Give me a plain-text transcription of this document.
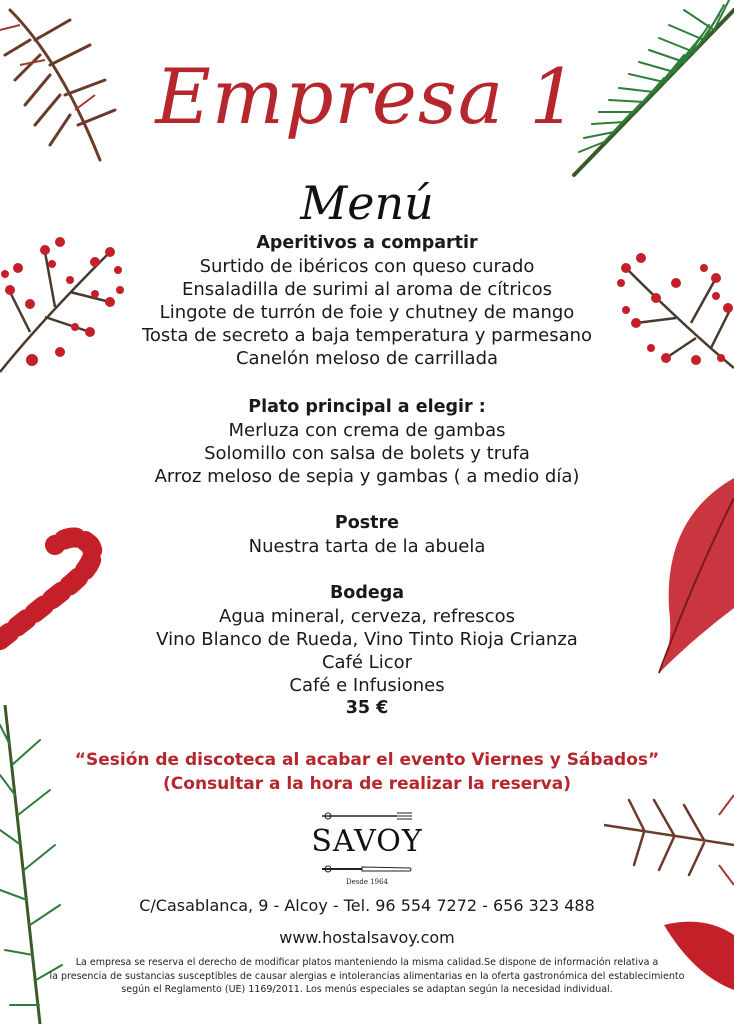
Empresa 1
Menú
Aperitivos a compartir
Surtido de ibéricos con queso curado
Ensaladilla de surimi al aroma de cítricos
Lingote de turrón de foie y chutney de mango
Tosta de secreto a baja temperatura y parmesano
Canelón meloso de carrillada
Plato principal a elegir :
Merluza con crema de gambas
Solomillo con salsa de bolets y trufa
Arroz meloso de sepia y gambas ( a medio día)
Postre
Nuestra tarta de la abuela
Bodega
Agua mineral, cerveza, refrescos
Vino Blanco de Rueda, Vino Tinto Rioja Crianza
Café Licor
Café e Infusiones
35 €
“Sesión de discoteca al acabar el evento Viernes y Sábados”
(Consultar a la hora de realizar la reserva)
SAVOY
Desde 1964
C/Casablanca, 9 - Alcoy - Tel. 96 554 7272 - 656 323 488
www.hostalsavoy.com
La empresa se reserva el derecho de modificar platos manteniendo la misma calidad.Se dispone de información relativa a
la presencia de sustancias susceptibles de causar alergias e intolerancias alimentarias en la oferta gastronómica del establecimiento
según el Reglamento (UE) 1169/2011. Los menús especiales se adaptan según la necesidad individual.
